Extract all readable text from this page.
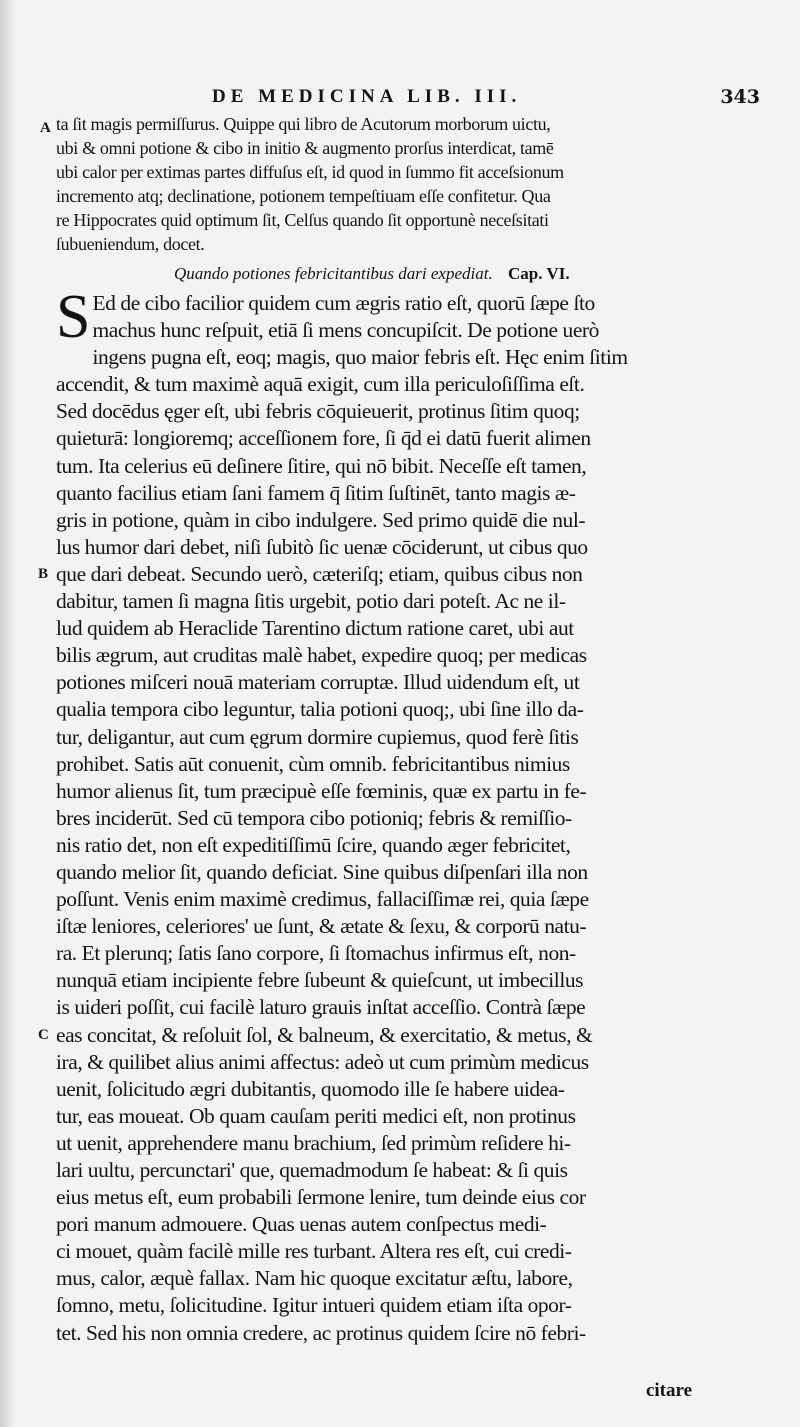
DE MEDICINA LIB. III.	343
A
B
C
ta ſit magis permiſſurus. Quippe qui libro de Acutorum morborum uictu,
ubi & omni potione & cibo in initio & augmento prorſus interdicat, tamē
ubi calor per extimas partes diffuſus eſt, id quod in ſummo fit acceſsionum
incremento atq; declinatione, potionem tempeſtiuam eſſe confitetur. Qua
re Hippocrates quid optimum ſit, Celſus quando ſit opportunè neceſsitati
ſubueniendum, docet.
Quando potiones febricitantibus dari expediat. Cap. VI.
S Ed de cibo facilior quidem cum ægris ratio eſt, quorū ſæpe ſto
machus hunc reſpuit, etiā ſi mens concupiſcit. De potione uerò
ingens pugna eſt, eoq; magis, quo maior febris eſt. Hęc enim ſitim
accendit, & tum maximè aquā exigit, cum illa periculoſiſſima eſt.
Sed docēdus ęger eſt, ubi febris cōquieuerit, protinus ſitim quoq;
quieturā: longioremq; acceſſionem fore, ſi q̄d ei datū fuerit alimen
tum. Ita celerius eū deſinere ſitire, qui nō bibit. Neceſſe eſt tamen,
quanto facilius etiam ſani famem q̄ ſitim ſuſtinēt, tanto magis æ-
gris in potione, quàm in cibo indulgere. Sed primo quidē die nul-
lus humor dari debet, niſi ſubitò ſic uenæ cōciderunt, ut cibus quo
que dari debeat. Secundo uerò, cæteriſq; etiam, quibus cibus non
dabitur, tamen ſi magna ſitis urgebit, potio dari poteſt. Ac ne il-
lud quidem ab Heraclide Tarentino dictum ratione caret, ubi aut
bilis ægrum, aut cruditas malè habet, expedire quoq; per medicas
potiones miſceri nouā materiam corruptæ. Illud uidendum eſt, ut
qualia tempora cibo leguntur, talia potioni quoq;, ubi ſine illo da-
tur, deligantur, aut cum ęgrum dormire cupiemus, quod ferè ſitis
prohibet. Satis aūt conuenit, cùm omnib. febricitantibus nimius
humor alienus ſit, tum præcipuè eſſe fœminis, quæ ex partu in fe-
bres inciderūt. Sed cū tempora cibo potioniq; febris & remiſſio-
nis ratio det, non eſt expeditiſſimū ſcire, quando æger febricitet,
quando melior ſit, quando deficiat. Sine quibus diſpenſari illa non
poſſunt. Venis enim maximè credimus, fallaciſſimæ rei, quia ſæpe
iſtæ leniores, celeriores' ue ſunt, & ætate & ſexu, & corporū natu-
ra. Et plerunq; ſatis ſano corpore, ſi ſtomachus infirmus eſt, non-
nunquā etiam incipiente febre ſubeunt & quieſcunt, ut imbecillus
is uideri poſſit, cui facilè laturo grauis inſtat acceſſio. Contrà ſæpe
eas concitat, & reſoluit ſol, & balneum, & exercitatio, & metus, &
ira, & quilibet alius animi affectus: adeò ut cum primùm medicus
uenit, ſolicitudo ægri dubitantis, quomodo ille ſe habere uidea-
tur, eas moueat. Ob quam cauſam periti medici eſt, non protinus
ut uenit, apprehendere manu brachium, ſed primùm reſidere hi-
lari uultu, percunctari' que, quemadmodum ſe habeat: & ſi quis
eius metus eſt, eum probabili ſermone lenire, tum deinde eius cor
pori manum admouere. Quas uenas autem conſpectus medi-
ci mouet, quàm facilè mille res turbant. Altera res eſt, cui credi-
mus, calor, æquè fallax. Nam hic quoque excitatur æſtu, labore,
ſomno, metu, ſolicitudine. Igitur intueri quidem etiam iſta opor-
tet. Sed his non omnia credere, ac protinus quidem ſcire nō febri-
citare
